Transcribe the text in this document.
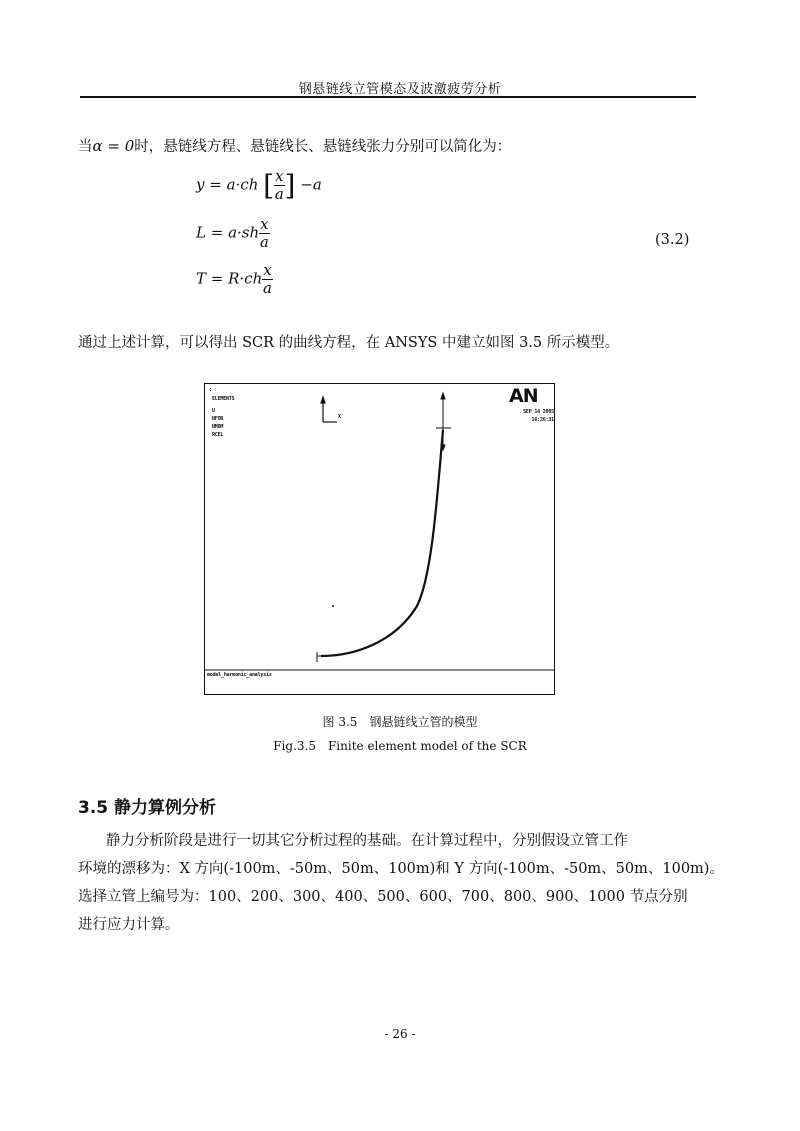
钢悬链线立管模态及波激疲劳分析
当α = 0时，悬链线方程、悬链线长、悬链线张力分别可以简化为：
y = a·ch [ $\frac{x}{a}$ ] −a
$L = a\cdot sh \frac{x}{a}$
$T = R\cdot ch \frac{x}{a}$
(3.2)
通过上述计算，可以得出 SCR 的曲线方程，在 ANSYS 中建立如图 3.5 所示模型。
:
ELEMENTS
U
NFOR
NMOM
RCEL
AN
SEP 14 2005
16:26:31
X
model_harmonic_analysis
图 3.5　钢悬链线立管的模型
Fig.3.5　Finite element model of the SCR
3.5 静力算例分析
静力分析阶段是进行一切其它分析过程的基础。在计算过程中，分别假设立管工作
环境的漂移为：X 方向(-100m、-50m、50m、100m)和 Y 方向(-100m、-50m、50m、100m)。
选择立管上编号为：100、200、300、400、500、600、700、800、900、1000 节点分别
进行应力计算。
- 26 -
